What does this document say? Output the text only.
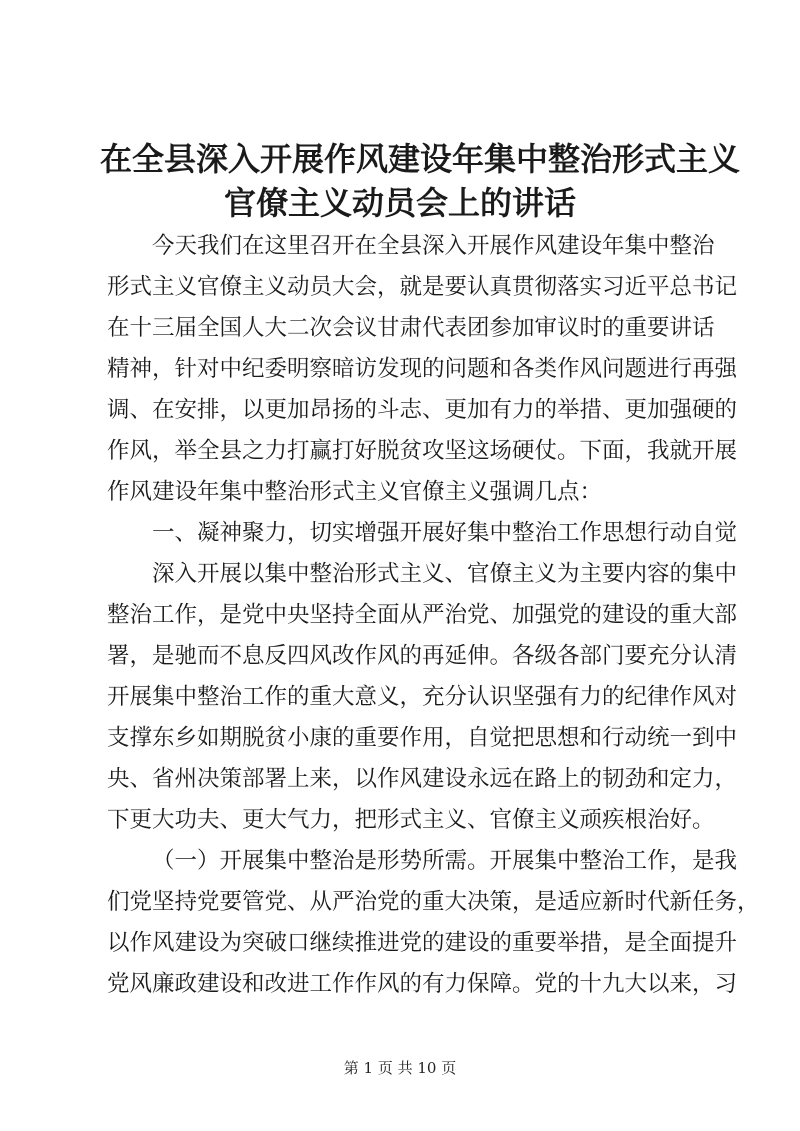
在全县深入开展作风建设年集中整治形式主义
官僚主义动员会上的讲话
今天我们在这里召开在全县深入开展作风建设年集中整治
形式主义官僚主义动员大会，就是要认真贯彻落实习近平总书记
在十三届全国人大二次会议甘肃代表团参加审议时的重要讲话
精神，针对中纪委明察暗访发现的问题和各类作风问题进行再强
调、在安排，以更加昂扬的斗志、更加有力的举措、更加强硬的
作风，举全县之力打赢打好脱贫攻坚这场硬仗。下面，我就开展
作风建设年集中整治形式主义官僚主义强调几点：
一、凝神聚力，切实增强开展好集中整治工作思想行动自觉
深入开展以集中整治形式主义、官僚主义为主要内容的集中
整治工作，是党中央坚持全面从严治党、加强党的建设的重大部
署，是驰而不息反四风改作风的再延伸。各级各部门要充分认清
开展集中整治工作的重大意义，充分认识坚强有力的纪律作风对
支撑东乡如期脱贫小康的重要作用，自觉把思想和行动统一到中
央、省州决策部署上来，以作风建设永远在路上的韧劲和定力，
下更大功夫、更大气力，把形式主义、官僚主义顽疾根治好。
（一）开展集中整治是形势所需。开展集中整治工作，是我
们党坚持党要管党、从严治党的重大决策，是适应新时代新任务，
以作风建设为突破口继续推进党的建设的重要举措，是全面提升
党风廉政建设和改进工作作风的有力保障。党的十九大以来，习
第 1 页 共 10 页
